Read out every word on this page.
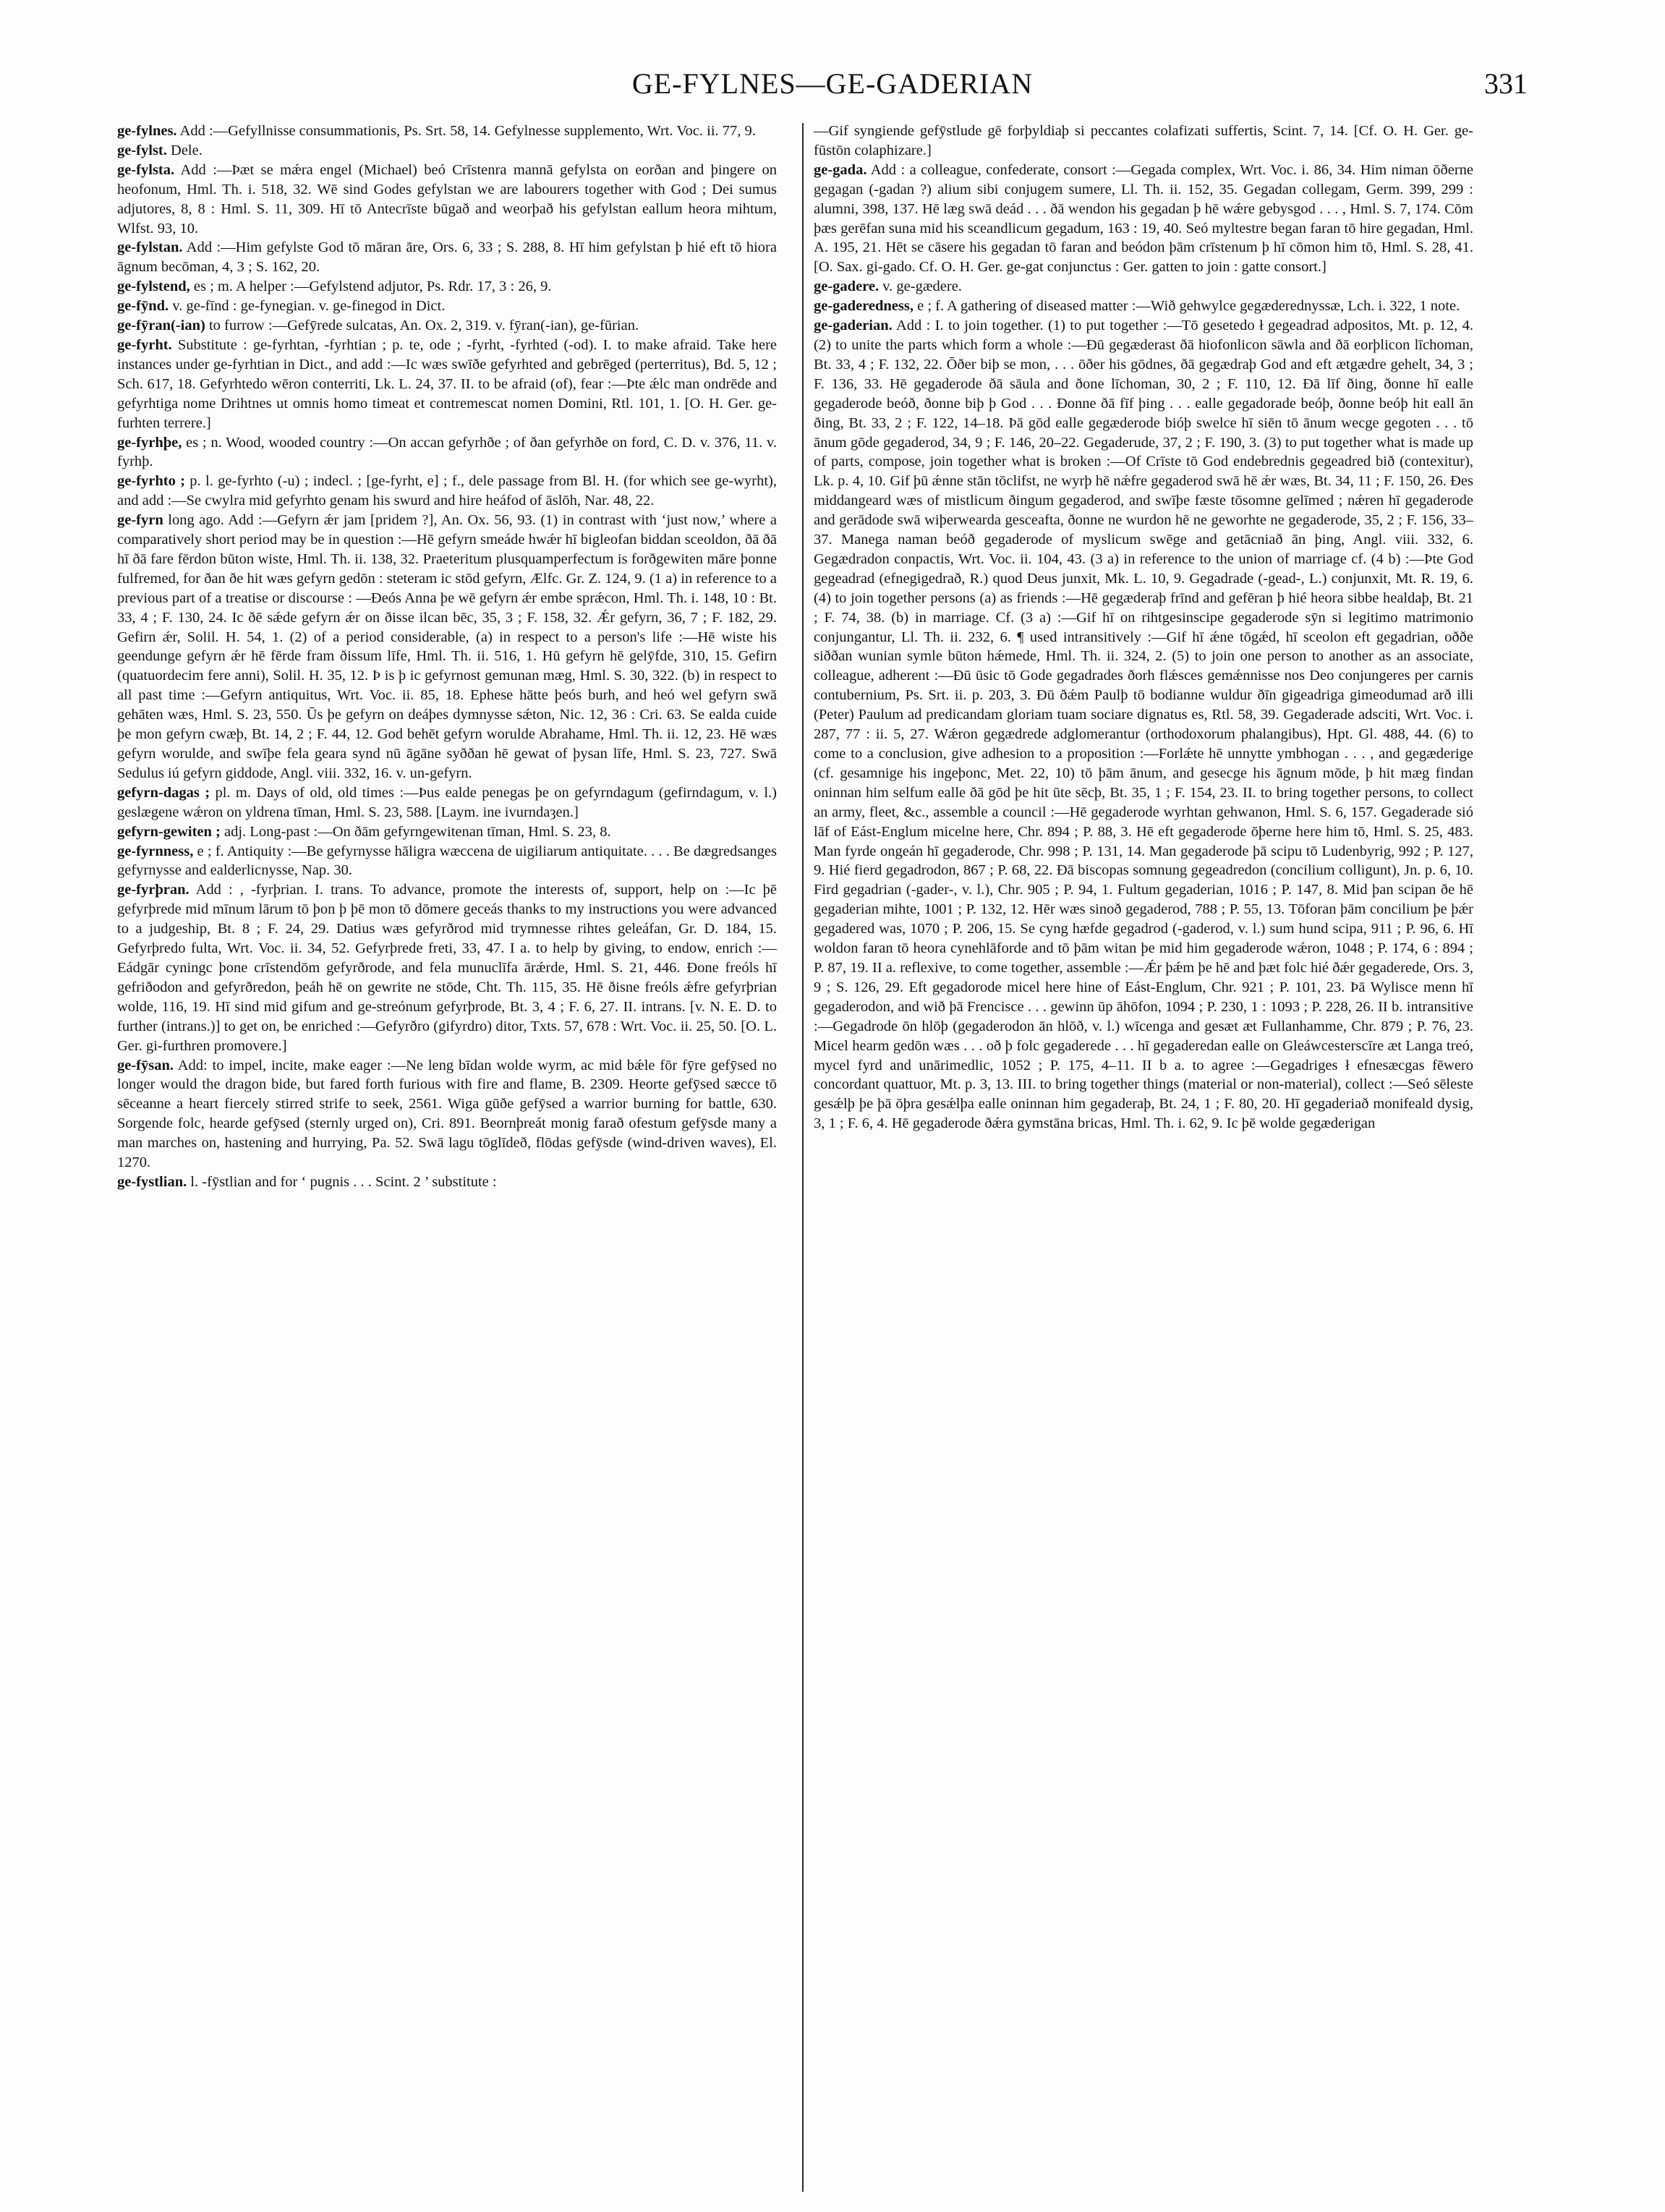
GE-FYLNES—GE-GADERIAN	331

ge-fylnes. Add :—Gefyllnisse consummationis, Ps. Srt. 58, 14. Gefylnesse supplemento, Wrt. Voc. ii. 77, 9.

ge-fylst. Dele.

ge-fylsta. Add :—Þæt se mǽra engel (Michael) beó Crīstenra mannā gefylsta on eorðan and þingere on heofonum, Hml. Th. i. 518, 32. Wē sind Godes gefylstan we are labourers together with God ; Dei sumus adjutores, 8, 8 : Hml. S. 11, 309. Hī tō Antecrīste būgað and weorþað his gefylstan eallum heora mihtum, Wlfst. 93, 10.

ge-fylstan. Add :—Him gefylste God tō māran āre, Ors. 6, 33 ; S. 288, 8. Hī him gefylstan þ hié eft tō hiora āgnum becōman, 4, 3 ; S. 162, 20.

ge-fylstend, es ; m. A helper :—Gefylstend adjutor, Ps. Rdr. 17, 3 : 26, 9.

ge-fȳnd. v. ge-fīnd : ge-fynegian. v. ge-finegod in Dict.

ge-fȳran(-ian) to furrow :—Gefȳrede sulcatas, An. Ox. 2, 319. v. fȳran(-ian), ge-fūrian.

ge-fyrht. Substitute : ge-fyrhtan, -fyrhtian ; p. te, ode ; -fyrht, -fyrhted (-od). I. to make afraid. Take here instances under ge-fyrhtian in Dict., and add :—Ic wæs swīðe gefyrhted and gebrēged (perterritus), Bd. 5, 12 ; Sch. 617, 18. Gefyrhtedo wēron conterriti, Lk. L. 24, 37. II. to be afraid (of), fear :—Þte ǽlc man ondrēde and gefyrhtiga nome Drihtnes ut omnis homo timeat et contremescat nomen Domini, Rtl. 101, 1. [O. H. Ger. ge-furhten terrere.]

ge-fyrhþe, es ; n. Wood, wooded country :—On accan gefyrhðe ; of ðan gefyrhðe on ford, C. D. v. 376, 11. v. fyrhþ.

ge-fyrhto ; p. l. ge-fyrhto (-u) ; indecl. ; [ge-fyrht, e] ; f., dele passage from Bl. H. (for which see ge-wyrht), and add :—Se cwylra mid gefyrhto genam his swurd and hire heáfod of āslōh, Nar. 48, 22.

ge-fyrn long ago. Add :—Gefyrn ǽr jam [pridem ?], An. Ox. 56, 93. (1) in contrast with ‘just now,’ where a comparatively short period may be in question :—Hē gefyrn smeáde hwǽr hī bigleofan biddan sceoldon, ðā ðā hī ðā fare fērdon būton wiste, Hml. Th. ii. 138, 32. Praeteritum plusquamperfectum is forðgewiten māre þonne fulfremed, for ðan ðe hit wæs gefyrn gedōn : steteram ic stōd gefyrn, Ælfc. Gr. Z. 124, 9. (1 a) in reference to a previous part of a treatise or discourse : —Ðeós Anna þe wē gefyrn ǽr embe sprǽcon, Hml. Th. i. 148, 10 : Bt. 33, 4 ; F. 130, 24. Ic ðē sǽde gefyrn ǽr on ðisse ilcan bēc, 35, 3 ; F. 158, 32. Ǽr gefyrn, 36, 7 ; F. 182, 29. Gefirn ǽr, Solil. H. 54, 1. (2) of a period considerable, (a) in respect to a person's life :—Hē wiste his geendunge gefyrn ǽr hē fērde fram ðissum līfe, Hml. Th. ii. 516, 1. Hū gefyrn hē gelȳfde, 310, 15. Gefirn (quatuordecim fere anni), Solil. H. 35, 12. Þ is þ ic gefyrnost gemunan mæg, Hml. S. 30, 322. (b) in respect to all past time :—Gefyrn antiquitus, Wrt. Voc. ii. 85, 18. Ephese hātte þeós burh, and heó wel gefyrn swā gehāten wæs, Hml. S. 23, 550. Ūs þe gefyrn on deáþes dymnysse sǽton, Nic. 12, 36 : Cri. 63. Se ealda cuide þe mon gefyrn cwæþ, Bt. 14, 2 ; F. 44, 12. God behēt gefyrn worulde Abrahame, Hml. Th. ii. 12, 23. Hē wæs gefyrn worulde, and swīþe fela geara synd nū āgāne syððan hē gewat of þysan līfe, Hml. S. 23, 727. Swā Sedulus iú gefyrn giddode, Angl. viii. 332, 16. v. un-gefyrn.

gefyrn-dagas ; pl. m. Days of old, old times :—Þus ealde penegas þe on gefyrndagum (gefirndagum, v. l.) geslægene wǽron on yldrena tīman, Hml. S. 23, 588. [Laym. ine ivurndaȝen.]

gefyrn-gewiten ; adj. Long-past :—On ðām gefyrngewitenan tīman, Hml. S. 23, 8.

ge-fyrnness, e ; f. Antiquity :—Be gefyrnysse hāligra wæccena de uigiliarum antiquitate. . . . Be dægredsanges gefyrnysse and ealderlicnysse, Nap. 30.

ge-fyrþran. Add : , -fyrþrian. I. trans. To advance, promote the interests of, support, help on :—Ic þē gefyrþrede mid mīnum lārum tō þon þ þē mon tō dōmere geceás thanks to my instructions you were advanced to a judgeship, Bt. 8 ; F. 24, 29. Datius wæs gefyrðrod mid trymnesse rihtes geleáfan, Gr. D. 184, 15. Gefyrþredo fulta, Wrt. Voc. ii. 34, 52. Gefyrþrede freti, 33, 47. I a. to help by giving, to endow, enrich :—Eádgār cyningc þone crīstendōm gefyrðrode, and fela munuclīfa ārǽrde, Hml. S. 21, 446. Ðone freóls hī gefriðodon and gefyrðredon, þeáh hē on gewrite ne stōde, Cht. Th. 115, 35. Hē ðisne freóls ǽfre gefyrþrian wolde, 116, 19. Hī sind mid gifum and ge-streónum gefyrþrode, Bt. 3, 4 ; F. 6, 27. II. intrans. [v. N. E. D. to further (intrans.)] to get on, be enriched :—Gefyrðro (gifyrdro) ditor, Txts. 57, 678 : Wrt. Voc. ii. 25, 50. [O. L. Ger. gi-furthren promovere.]

ge-fȳsan. Add: to impel, incite, make eager :—Ne leng bīdan wolde wyrm, ac mid bǽle fōr fȳre gefȳsed no longer would the dragon bide, but fared forth furious with fire and flame, B. 2309. Heorte gefȳsed sæcce tō sēceanne a heart fiercely stirred strife to seek, 2561. Wiga gūðe gefȳsed a warrior burning for battle, 630. Sorgende folc, hearde gefȳsed (sternly urged on), Cri. 891. Beornþreát monig farað ofestum gefȳsde many a man marches on, hastening and hurrying, Pa. 52. Swā lagu tōglīdeð, flōdas gefȳsde (wind-driven waves), El. 1270.

ge-fystlian. l. -fȳstlian and for ‘ pugnis . . . Scint. 2 ’ substitute :

—Gif syngiende gefȳstlude gē forþyldiaþ si peccantes colafizati suffertis, Scint. 7, 14. [Cf. O. H. Ger. ge-fūstōn colaphizare.]

ge-gada. Add : a colleague, confederate, consort :—Gegada complex, Wrt. Voc. i. 86, 34. Him niman ōðerne gegagan (-gadan ?) alium sibi conjugem sumere, Ll. Th. ii. 152, 35. Gegadan collegam, Germ. 399, 299 : alumni, 398, 137. Hē læg swā deád . . . ðā wendon his gegadan þ hē wǽre gebysgod . . . , Hml. S. 7, 174. Cōm þæs gerēfan suna mid his sceandlicum gegadum, 163 : 19, 40. Seó myltestre began faran tō hire gegadan, Hml. A. 195, 21. Hēt se cāsere his gegadan tō faran and beódon þām crīstenum þ hī cōmon him tō, Hml. S. 28, 41. [O. Sax. gi-gado. Cf. O. H. Ger. ge-gat conjunctus : Ger. gatten to join : gatte consort.]

ge-gadere. v. ge-gædere.

ge-gaderedness, e ; f. A gathering of diseased matter :—Wið gehwylce gegæderednyssæ, Lch. i. 322, 1 note.

ge-gaderian. Add : I. to join together. (1) to put together :—Tō gesetedo ł gegeadrad adpositos, Mt. p. 12, 4. (2) to unite the parts which form a whole :—Ðū gegæderast ðā hiofonlicon sāwla and ðā eorþlicon līchoman, Bt. 33, 4 ; F. 132, 22. Ōðer biþ se mon, . . . ōðer his gōdnes, ðā gegædraþ God and eft ætgædre gehelt, 34, 3 ; F. 136, 33. Hē gegaderode ðā sāula and ðone līchoman, 30, 2 ; F. 110, 12. Ðā līf ðing, ðonne hī ealle gegaderode beóð, ðonne biþ þ God . . . Ðonne ðā fīf þing . . . ealle gegadorade beóþ, ðonne beóþ hit eall ān ðing, Bt. 33, 2 ; F. 122, 14–18. Þā gōd ealle gegæderode bióþ swelce hī siēn tō ānum wecge gegoten . . . tō ānum gōde gegaderod, 34, 9 ; F. 146, 20–22. Gegaderude, 37, 2 ; F. 190, 3. (3) to put together what is made up of parts, compose, join together what is broken :—Of Crīste tō God endebrednis gegeadred bið (contexitur), Lk. p. 4, 10. Gif þū ǽnne stān tōclifst, ne wyrþ hē nǽfre gegaderod swā hē ǽr wæs, Bt. 34, 11 ; F. 150, 26. Ðes middangeard wæs of mistlicum ðingum gegaderod, and swīþe fæste tōsomne gelīmed ; nǽren hī gegaderode and gerādode swā wiþerwearda gesceafta, ðonne ne wurdon hē ne geworhte ne gegaderode, 35, 2 ; F. 156, 33–37. Manega naman beóð gegaderode of myslicum swēge and getācniað ān þing, Angl. viii. 332, 6. Gegædradon conpactis, Wrt. Voc. ii. 104, 43. (3 a) in reference to the union of marriage cf. (4 b) :—Þte God gegeadrad (efnegigedrað, R.) quod Deus junxit, Mk. L. 10, 9. Gegadrade (-gead-, L.) conjunxit, Mt. R. 19, 6. (4) to join together persons (a) as friends :—Hē gegæderaþ frīnd and gefēran þ hié heora sibbe healdaþ, Bt. 21 ; F. 74, 38. (b) in marriage. Cf. (3 a) :—Gif hī on rihtgesinscipe gegaderode sȳn si legitimo matrimonio conjungantur, Ll. Th. ii. 232, 6. ¶ used intransitively :—Gif hī ǽne tōgǽd, hī sceolon eft gegadrian, oððe siððan wunian symle būton hǽmede, Hml. Th. ii. 324, 2. (5) to join one person to another as an associate, colleague, adherent :—Ðū ūsic tō Gode gegadrades ðorh flǽsces gemǽnnisse nos Deo conjungeres per carnis contubernium, Ps. Srt. ii. p. 203, 3. Ðū ðǽm Paulþ tō bodianne wuldur ðīn gigeadriga gimeodumad arð illi (Peter) Paulum ad predicandam gloriam tuam sociare dignatus es, Rtl. 58, 39. Gegaderade adsciti, Wrt. Voc. i. 287, 77 : ii. 5, 27. Wǽron gegædrede adglomerantur (orthodoxorum phalangibus), Hpt. Gl. 488, 44. (6) to come to a conclusion, give adhesion to a proposition :—Forlǽte hē unnytte ymbhogan . . . , and gegæderige (cf. gesamnige his ingeþonc, Met. 22, 10) tō þām ānum, and gesecge his āgnum mōde, þ hit mæg findan oninnan him selfum ealle ðā gōd þe hit ūte sēcþ, Bt. 35, 1 ; F. 154, 23. II. to bring together persons, to collect an army, fleet, &c., assemble a council :—Hē gegaderode wyrhtan gehwanon, Hml. S. 6, 157. Gegaderade sió lāf of Eást-Englum micelne here, Chr. 894 ; P. 88, 3. Hē eft gegaderode ōþerne here him tō, Hml. S. 25, 483. Man fyrde ongeán hī gegaderode, Chr. 998 ; P. 131, 14. Man gegaderode þā scipu tō Ludenbyrig, 992 ; P. 127, 9. Hié fierd gegadrodon, 867 ; P. 68, 22. Ðā biscopas somnung gegeadredon (concilium colligunt), Jn. p. 6, 10. Fird gegadrian (-gader-, v. l.), Chr. 905 ; P. 94, 1. Fultum gegaderian, 1016 ; P. 147, 8. Mid þan scipan ðe hē gegaderian mihte, 1001 ; P. 132, 12. Hēr wæs sinoð gegaderod, 788 ; P. 55, 13. Tōforan þām concilium þe þǽr gegadered was, 1070 ; P. 206, 15. Se cyng hæfde gegadrod (-gaderod, v. l.) sum hund scipa, 911 ; P. 96, 6. Hī woldon faran tō heora cynehlāforde and tō þām witan þe mid him gegaderode wǽron, 1048 ; P. 174, 6 : 894 ; P. 87, 19. II a. reflexive, to come together, assemble :—Ǽr þǽm þe hē and þæt folc hié ðǽr gegaderede, Ors. 3, 9 ; S. 126, 29. Eft gegadorode micel here hine of Eást-Englum, Chr. 921 ; P. 101, 23. Þā Wylisce menn hī gegaderodon, and wið þā Frencisce . . . gewinn ūp āhōfon, 1094 ; P. 230, 1 : 1093 ; P. 228, 26. II b. intransitive :—Gegadrode ōn hlōþ (gegaderodon ān hlōð, v. l.) wīcenga and gesæt æt Fullanhamme, Chr. 879 ; P. 76, 23. Micel hearm gedōn wæs . . . oð þ folc gegaderede . . . hī gegaderedan ealle on Gleáwcesterscīre æt Langa treó, mycel fyrd and unārimedlic, 1052 ; P. 175, 4–11. II b a. to agree :—Gegadriges ł efnesæcgas fēwero concordant quattuor, Mt. p. 3, 13. III. to bring together things (material or non-material), collect :—Seó sēleste gesǽlþ þe þā ōþra gesǽlþa ealle oninnan him gegaderaþ, Bt. 24, 1 ; F. 80, 20. Hī gegaderiað monifeald dysig, 3, 1 ; F. 6, 4. Hē gegaderode ðǽra gymstāna bricas, Hml. Th. i. 62, 9. Ic þē wolde gegæderigan
